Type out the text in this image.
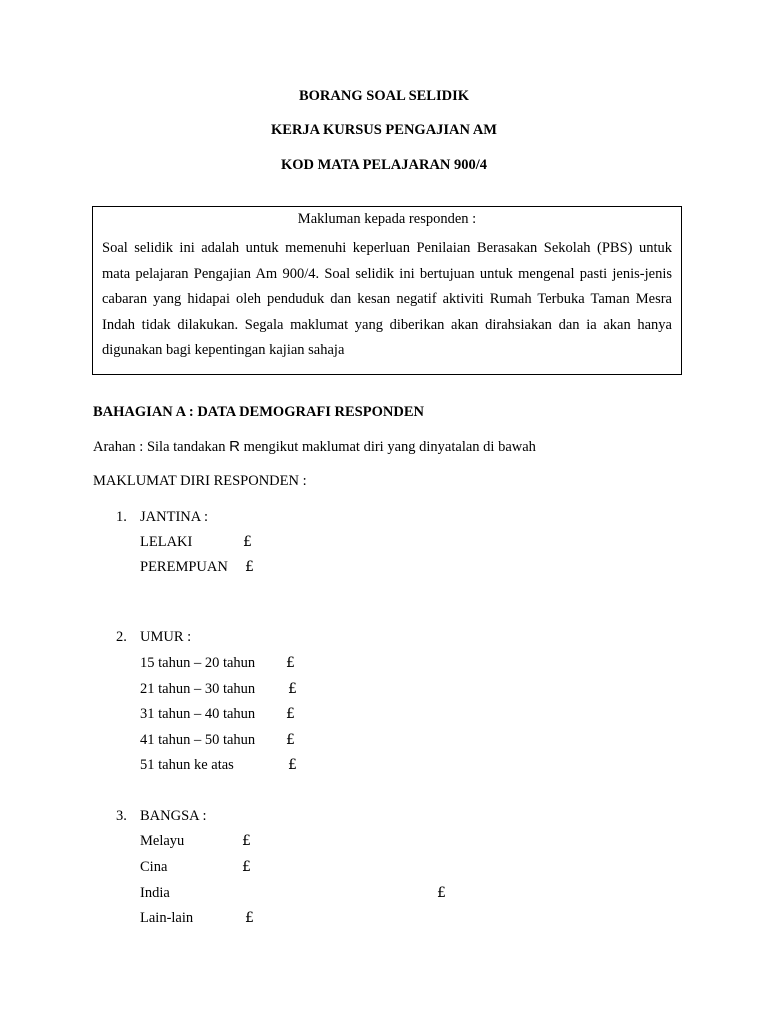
BORANG SOAL SELIDIK
KERJA KURSUS PENGAJIAN AM
KOD MATA PELAJARAN 900/4
Makluman kepada responden :
Soal selidik ini adalah untuk memenuhi keperluan Penilaian Berasakan Sekolah (PBS) untuk mata pelajaran Pengajian Am 900/4. Soal selidik ini bertujuan untuk mengenal pasti jenis-jenis cabaran yang hidapai oleh penduduk dan kesan negatif aktiviti Rumah Terbuka Taman Mesra Indah tidak dilakukan. Segala maklumat yang diberikan akan dirahsiakan dan ia akan hanya digunakan bagi kepentingan kajian sahaja
BAHAGIAN A : DATA DEMOGRAFI RESPONDEN
Arahan : Sila tandakan R mengikut maklumat diri yang dinyatalan di bawah
MAKLUMAT DIRI RESPONDEN :
1. JANTINA :
LELAKI	£
PEREMPUAN £
2. UMUR :
15 tahun – 20 tahun £
21 tahun – 30 tahun £
31 tahun – 40 tahun £
41 tahun – 50 tahun £
51 tahun ke atas	£
3. BANGSA :
Melayu	£
Cina	£
India	£
Lain-lain	£
